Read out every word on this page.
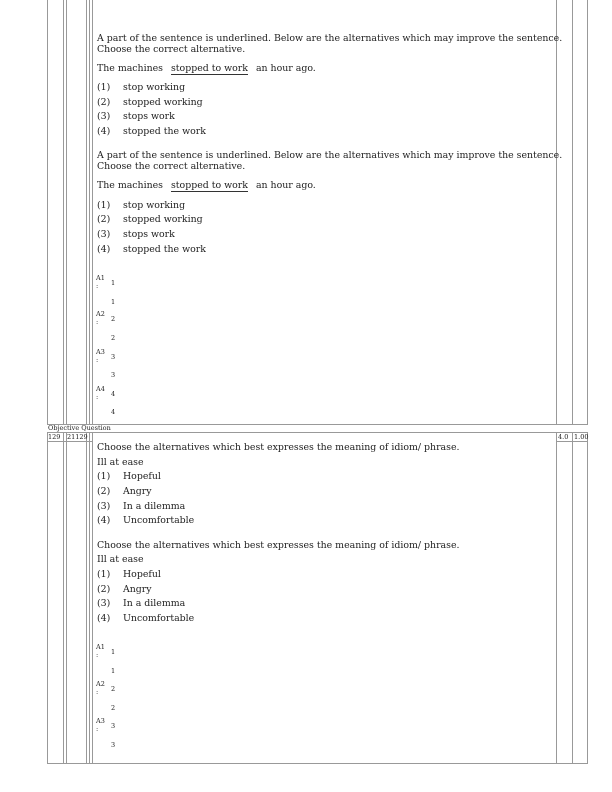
A part of the sentence is underlined. Below are the alternatives which may improve the sentence.
Choose the correct alternative.
The machines stopped to work an hour ago.
(1) stop working
(2) stopped working
(3) stops work
(4) stopped the work
A part of the sentence is underlined. Below are the alternatives which may improve the sentence.
Choose the correct alternative.
The machines stopped to work an hour ago.
(1) stop working
(2) stopped working
(3) stops work
(4) stopped the work
A1
: 1
1
A2
: 2
2
A3
: 3
3
A4
: 4
4
Objective Question
129 21129	4.0 1.00
Choose the alternatives which best expresses the meaning of idiom/ phrase.
Ill at ease
(1) Hopeful
(2) Angry
(3) In a dilemma
(4) Uncomfortable
Choose the alternatives which best expresses the meaning of idiom/ phrase.
Ill at ease
(1) Hopeful
(2) Angry
(3) In a dilemma
(4) Uncomfortable
A1
: 1
1
A2
: 2
2
A3
: 3
3
